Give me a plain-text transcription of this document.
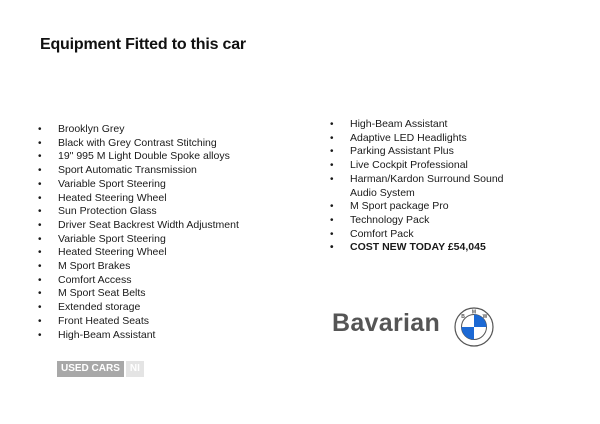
Equipment Fitted to this car
• Brooklyn Grey
• Black with Grey Contrast Stitching
• 19" 995 M Light Double Spoke alloys
• Sport Automatic Transmission
• Variable Sport Steering
• Heated Steering Wheel
• Sun Protection Glass
• Driver Seat Backrest Width Adjustment
• Variable Sport Steering
• Heated Steering Wheel
• M Sport Brakes
• Comfort Access
• M Sport Seat Belts
• Extended storage
• Front Heated Seats
• High-Beam Assistant
• High-Beam Assistant
• Adaptive LED Headlights
• Parking Assistant Plus
• Live Cockpit Professional
• Harman/Kardon Surround Sound Audio System
• M Sport package Pro
• Technology Pack
• Comfort Pack
• COST NEW TODAY £54,045
Bavarian	B
M
W
USED CARS	NI
